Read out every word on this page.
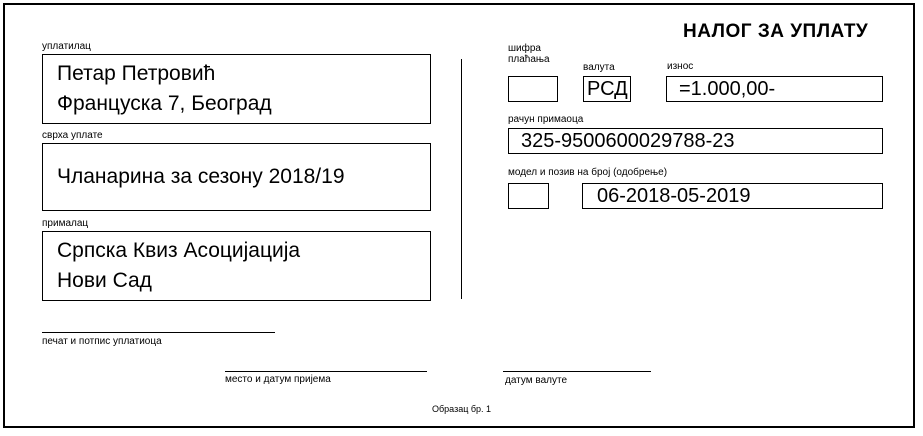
НАЛОГ ЗА УПЛАТУ
уплатилац
Петар Петровић
Француска 7, Београд
сврха уплате
Чланарина за сезону 2018/19
прималац
Српска Квиз Асоцијација
Нови Сад
печат и потпис уплатиоца
шифра
плаћања
валута
РСД
износ
=1.000,00-
рачун примаоца
325-9500600029788-23
модел и позив на број (одобрење)
06-2018-05-2019
место и датум пријема	датум валуте
Образац бр. 1
